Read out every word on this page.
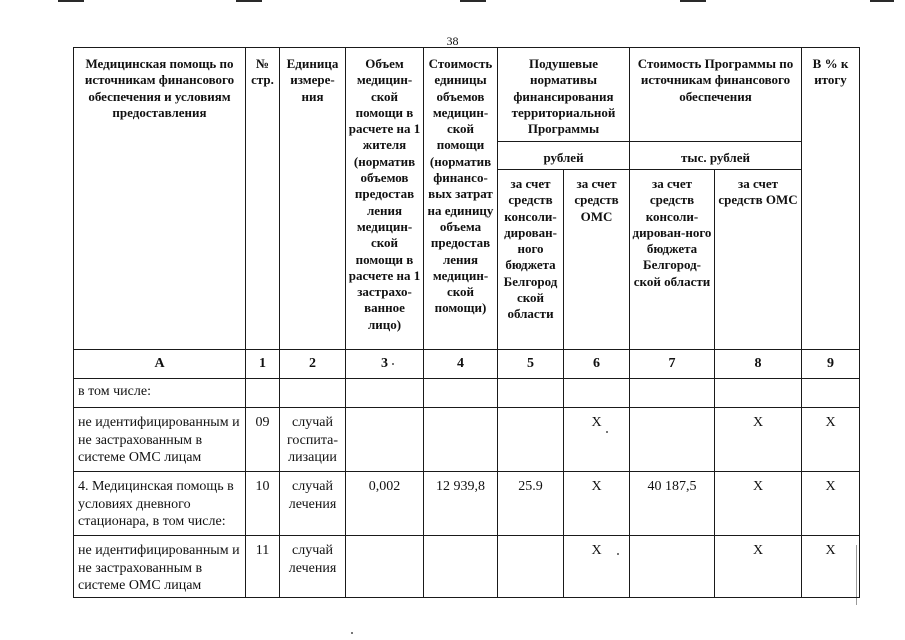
38
Медицинская помощь по источникам финансового обеспечения и условиям предоставления	№ стр.	Единица измере-ния	Объем медицин-ской помощи в расчете на 1 жителя (норматив объемов предостав ления медицин-ской помощи в расчете на 1 застрахо-ванное лицо)	Стоимость единицы объемов медицин-ской помощи (норматив финансо-вых затрат на единицу объема предостав ления медицин-ской помощи)	Подушевые нормативы финансирования территориальной Программы		Стоимость Программы по источникам финансового обеспечения		В % к итогу
					рублей		тыс. рублей		
					за счет средств консоли-дирован-ного бюджета Белгород ской области	за счет средств ОМС	за счет средств консоли-дирован-ного бюджета Белгород-ской области	за счет средств ОМС	
А	1	2	3	4	5	6	7	8	9
в том числе:									
не идентифицированным и не застрахованным в системе ОМС лицам	09	случай госпита-лизации				Х		Х	Х
4. Медицинская помощь в условиях дневного стационара, в том числе:	10	случай лечения	0,002	12 939,8	25.9	Х	40 187,5	Х	Х
не идентифицированным и не застрахованным в системе ОМС лицам	11	случай лечения				Х		Х	Х
